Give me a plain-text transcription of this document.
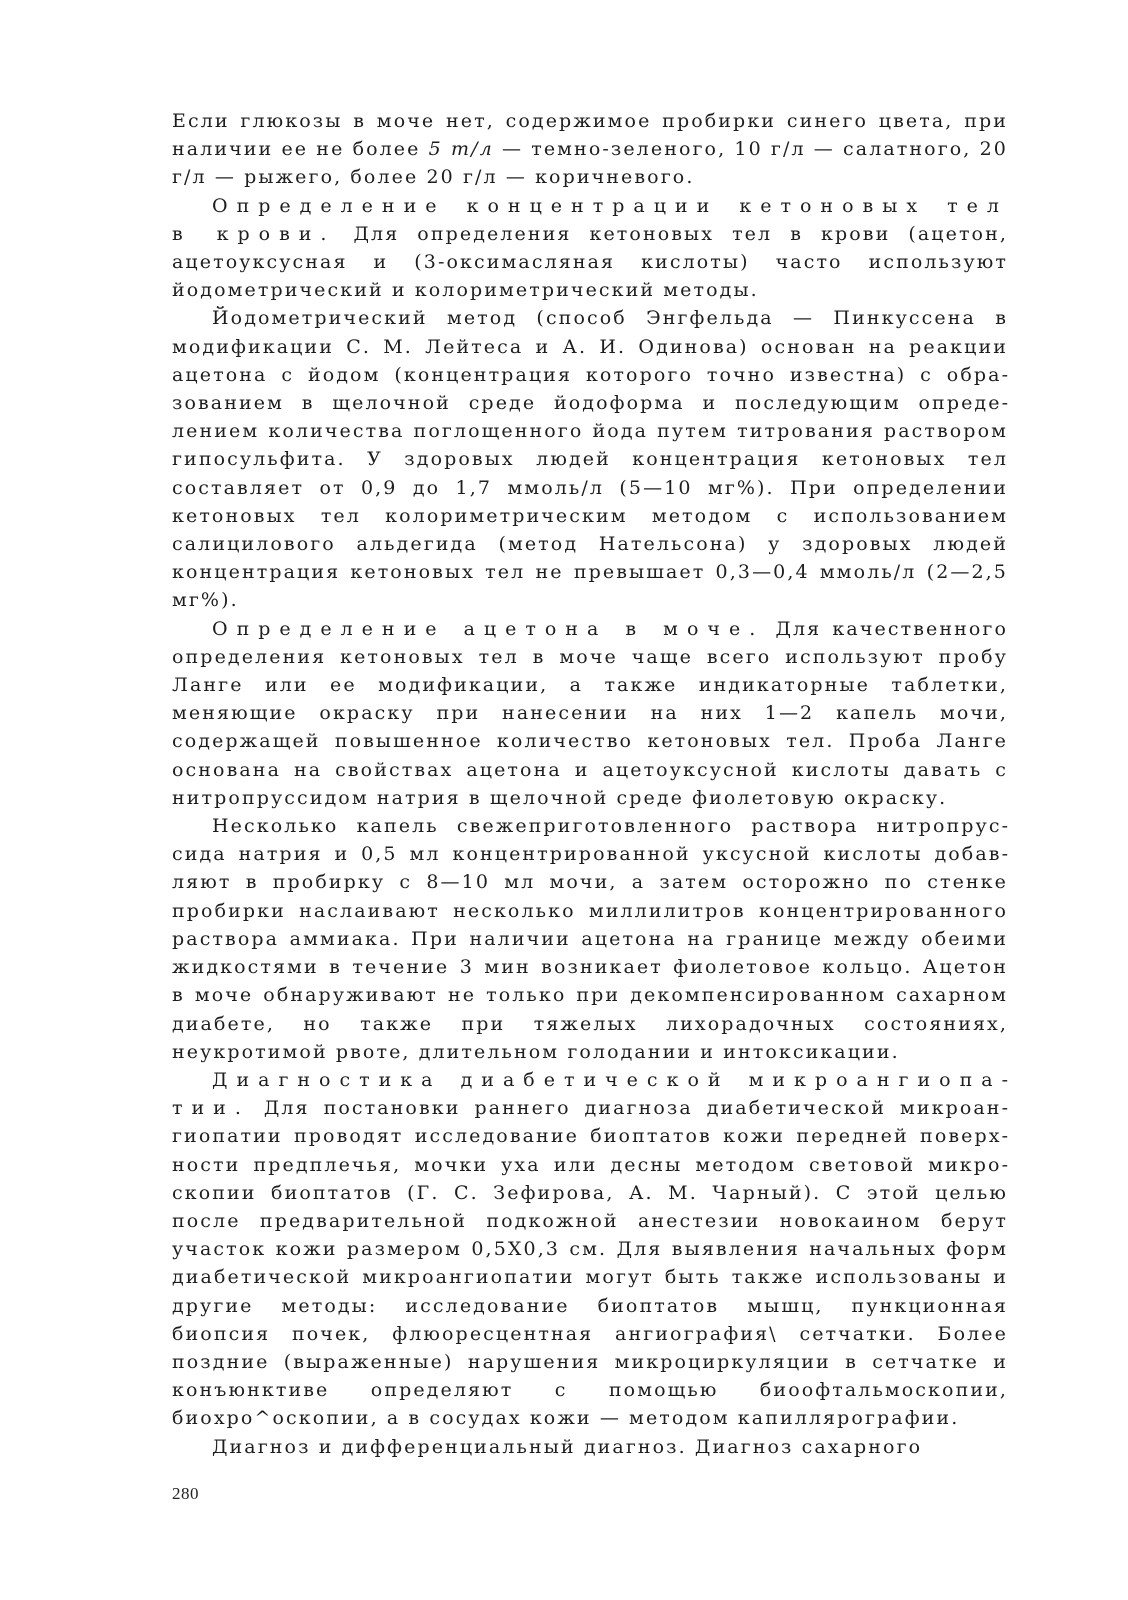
Если глюкозы в моче нет, содержимое пробирки синего цвета, при наличии ее не более 5 т/л — темно-зеленого, 10 г/л — салатного, 20 г/л — рыжего, более 20 г/л — коричневого.

Определение концентрации кетоновых тел в крови. Для определения кетоновых тел в крови (ацетон, ацетоуксусная и (3-оксимасляная кислоты) часто используют йодометрический и колориметрический методы.

Йодометрический метод (способ Энгфельда — Пинкуссена в модификации С. М. Лейтеса и А. И. Одинова) основан на реакции ацетона с йодом (концентрация которого точно известна) с образованием в щелочной среде йодоформа и последующим определением количества поглощенного йода путем титрования раствором гипосульфита. У здоровых людей концентрация кетоновых тел составляет от 0,9 до 1,7 ммоль/л (5—10 мг%). При определении кетоновых тел колориметрическим методом с использованием салицилового альдегида (метод Нательсона) у здоровых людей концентрация кетоновых тел не превышает 0,3—0,4 ммоль/л (2—2,5 мг%).

Определение ацетона в моче. Для качественного определения кетоновых тел в моче чаще всего используют пробу Ланге или ее модификации, а также индикаторные таблетки, меняющие окраску при нанесении на них 1—2 капель мочи, содержащей повышенное количество кетоновых тел. Проба Ланге основана на свойствах ацетона и ацетоуксусной кислоты давать с нитропруссидом натрия в щелочной среде фиолетовую окраску.

Несколько капель свежеприготовленного раствора нитропруссида натрия и 0,5 мл концентрированной уксусной кислоты добавляют в пробирку с 8—10 мл мочи, а затем осторожно по стенке пробирки наслаивают несколько миллилитров концентрированного раствора аммиака. При наличии ацетона на границе между обеими жидкостями в течение 3 мин возникает фиолетовое кольцо. Ацетон в моче обнаруживают не только при декомпенсированном сахарном диабете, но также при тяжелых лихорадочных состояниях, неукротимой рвоте, длительном голодании и интоксикации.

Диагностика диабетической микроангиопатии. Для постановки раннего диагноза диабетической микроангиопатии проводят исследование биоптатов кожи передней поверхности предплечья, мочки уха или десны методом световой микроскопии биоптатов (Г. С. Зефирова, А. М. Чарный). С этой целью после предварительной подкожной анестезии новокаином берут участок кожи размером 0,5X0,3 см. Для выявления начальных форм диабетической микроангиопатии могут быть также использованы и другие методы: исследование биоптатов мышц, пункционная биопсия почек, флюоресцентная ангиография\ сетчатки. Более поздние (выраженные) нарушения микроциркуляции в сетчатке и конъюнктиве определяют с помощью биоофтальмоскопии, биохро^оскопии, а в сосудах кожи — методом капиллярографии.

Диагноз и дифференциальный диагноз. Диагноз сахарного

280
